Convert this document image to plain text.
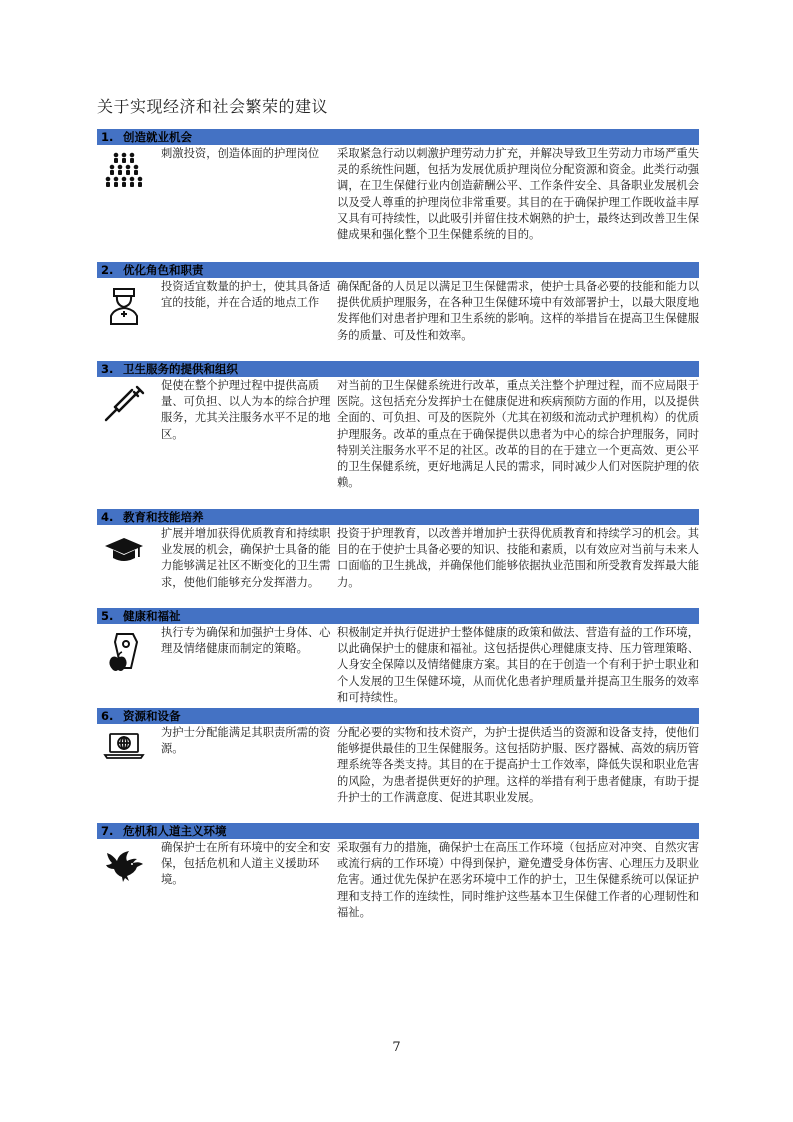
关于实现经济和社会繁荣的建议
1. 创造就业机会
刺激投资，创造体面的护理岗位	采取紧急行动以刺激护理劳动力扩充，并解决导致卫生劳动力市场严重失灵的系统性问题，包括为发展优质护理岗位分配资源和资金。此类行动强调，在卫生保健行业内创造薪酬公平、工作条件安全、具备职业发展机会以及受人尊重的护理岗位非常重要。其目的在于确保护理工作既收益丰厚又具有可持续性，以此吸引并留住技术娴熟的护士，最终达到改善卫生保健成果和强化整个卫生保健系统的目的。
2. 优化角色和职责
投资适宜数量的护士，使其具备适宜的技能，并在合适的地点工作
确保配备的人员足以满足卫生保健需求，使护士具备必要的技能和能力以提供优质护理服务，在各种卫生保健环境中有效部署护士，以最大限度地发挥他们对患者护理和卫生系统的影响。这样的举措旨在提高卫生保健服务的质量、可及性和效率。
3. 卫生服务的提供和组织
促使在整个护理过程中提供高质量、可负担、以人为本的综合护理服务，尤其关注服务水平不足的地区。
对当前的卫生保健系统进行改革，重点关注整个护理过程，而不应局限于医院。这包括充分发挥护士在健康促进和疾病预防方面的作用，以及提供全面的、可负担、可及的医院外（尤其在初级和流动式护理机构）的优质护理服务。改革的重点在于确保提供以患者为中心的综合护理服务，同时特别关注服务水平不足的社区。改革的目的在于建立一个更高效、更公平的卫生保健系统，更好地满足人民的需求，同时减少人们对医院护理的依赖。
4. 教育和技能培养
扩展并增加获得优质教育和持续职业发展的机会，确保护士具备的能力能够满足社区不断变化的卫生需求，使他们能够充分发挥潜力。
投资于护理教育，以改善并增加护士获得优质教育和持续学习的机会。其目的在于使护士具备必要的知识、技能和素质，以有效应对当前与未来人口面临的卫生挑战，并确保他们能够依据执业范围和所受教育发挥最大能力。
5. 健康和福祉
执行专为确保和加强护士身体、心理及情绪健康而制定的策略。
积极制定并执行促进护士整体健康的政策和做法、营造有益的工作环境，以此确保护士的健康和福祉。这包括提供心理健康支持、压力管理策略、人身安全保障以及情绪健康方案。其目的在于创造一个有利于护士职业和个人发展的卫生保健环境，从而优化患者护理质量并提高卫生服务的效率和可持续性。
6. 资源和设备
为护士分配能满足其职责所需的资源。
分配必要的实物和技术资产，为护士提供适当的资源和设备支持，使他们能够提供最佳的卫生保健服务。这包括防护服、医疗器械、高效的病历管理系统等各类支持。其目的在于提高护士工作效率，降低失误和职业危害的风险，为患者提供更好的护理。这样的举措有利于患者健康，有助于提升护士的工作满意度、促进其职业发展。
7. 危机和人道主义环境
确保护士在所有环境中的安全和安保，包括危机和人道主义援助环境。
采取强有力的措施，确保护士在高压工作环境（包括应对冲突、自然灾害或流行病的工作环境）中得到保护，避免遭受身体伤害、心理压力及职业危害。通过优先保护在恶劣环境中工作的护士，卫生保健系统可以保证护理和支持工作的连续性，同时维护这些基本卫生保健工作者的心理韧性和福祉。
7
